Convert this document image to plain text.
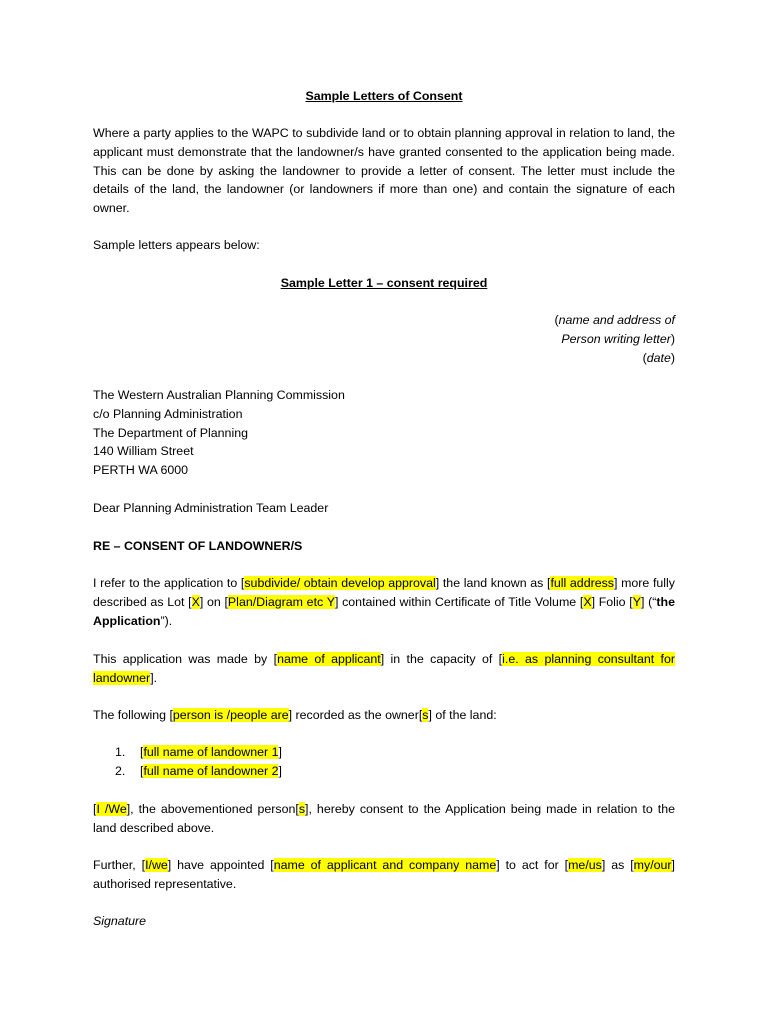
Sample Letters of Consent

Where a party applies to the WAPC to subdivide land or to obtain planning approval in relation to land, the applicant must demonstrate that the landowner/s have granted consented to the application being made. This can be done by asking the landowner to provide a letter of consent. The letter must include the details of the land, the landowner (or landowners if more than one) and contain the signature of each owner.

Sample letters appears below:

Sample Letter 1 – consent required

(name and address of
Person writing letter)
(date)
The Western Australian Planning Commission
c/o Planning Administration
The Department of Planning
140 William Street
PERTH WA 6000

Dear Planning Administration Team Leader

RE – CONSENT OF LANDOWNER/S

I refer to the application to [subdivide/ obtain develop approval] the land known as [full address] more fully described as Lot [X] on [Plan/Diagram etc Y] contained within Certificate of Title Volume [X] Folio [Y] (“the Application”).

This application was made by [name of applicant] in the capacity of [i.e. as planning consultant for landowner].

The following [person is /people are] recorded as the owner[s] of the land:

1. [full name of landowner 1]
2. [full name of landowner 2]

[I /We], the abovementioned person[s], hereby consent to the Application being made in relation to the land described above.

Further, [I/we] have appointed [name of applicant and company name] to act for [me/us] as [my/our] authorised representative.

Signature
